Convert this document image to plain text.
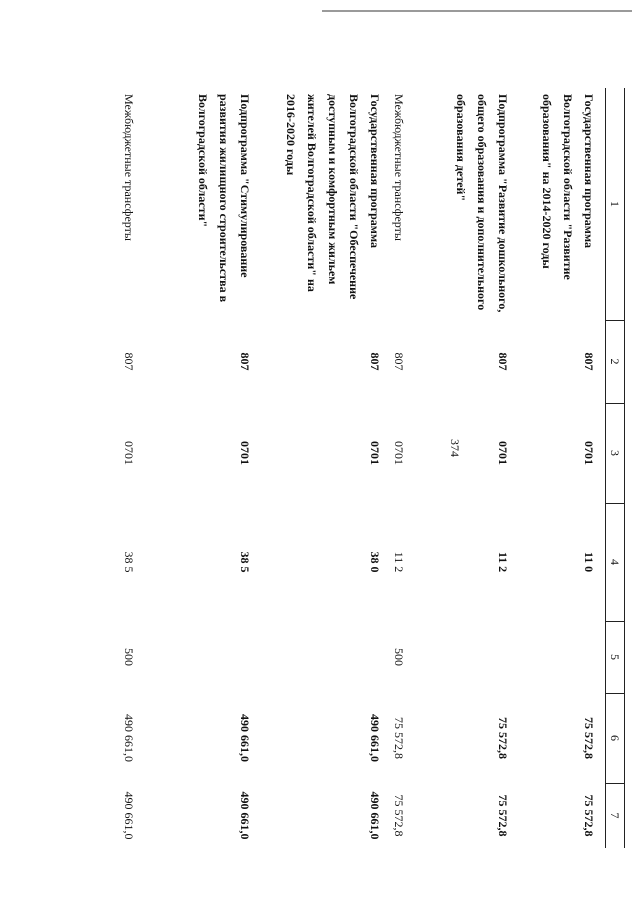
374
1
2
3
4
5
6
7
Государственная программа Волгоградской области "Развитие образования" на 2014-2020 годы
807
0701
11 0
75 572,8
75 572,8
Подпрограмма "Развитие дошкольного, общего образования и дополнительного образования детей"
807
0701
11 2
75 572,8
75 572,8
Межбюджетные трансферты
807
0701
11 2
500
75 572,8
75 572,8
Государственная программа Волгоградской области "Обеспечение доступным и комфортным жильем жителей Волгоградской области" на 2016-2020 годы
807
0701
38 0
490 661,0
490 661,0
Подпрограмма "Стимулирование развития жилищного строительства в Волгоградской области"
807
0701
38 5
490 661,0
490 661,0
Межбюджетные трансферты
807
0701
38 5
500
490 661,0
490 661,0
